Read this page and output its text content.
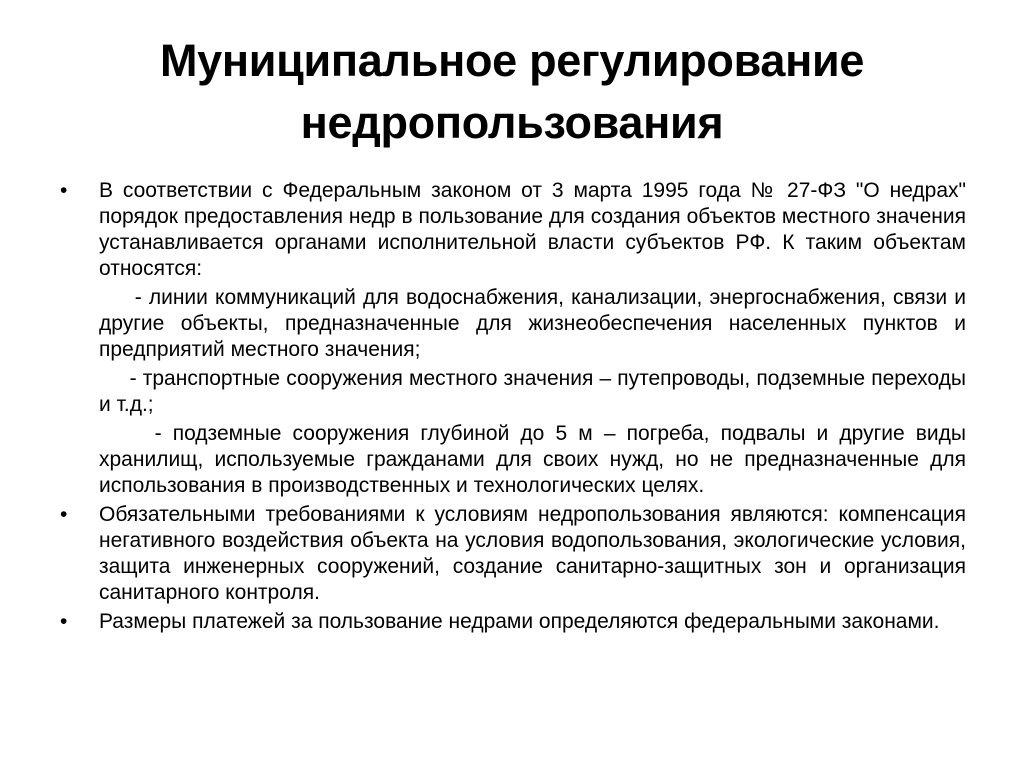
Муниципальное регулирование недропользования
•	В соответствии с Федеральным законом от 3 марта 1995 года № 27-ФЗ "О недрах" порядок предоставления недр в пользование для создания объектов местного значения устанавливается органами исполнительной власти субъектов РФ. К таким объектам относятся:
- линии коммуникаций для водоснабжения, канализации, энергоснабжения, связи и другие объекты, предназначенные для жизнеобеспечения населенных пунктов и предприятий местного значения;
- транспортные сооружения местного значения – путепроводы, подземные переходы и т.д.;
- подземные сооружения глубиной до 5 м – погреба, подвалы и другие виды хранилищ, используемые гражданами для своих нужд, но не предназначенные для использования в производственных и технологических целях.
•	Обязательными требованиями к условиям недропользования являются: компенсация негативного воздействия объекта на условия водопользования, экологические условия, защита инженерных сооружений, создание санитарно-защитных зон и организация санитарного контроля.
•	Размеры платежей за пользование недрами определяются федеральными законами.
